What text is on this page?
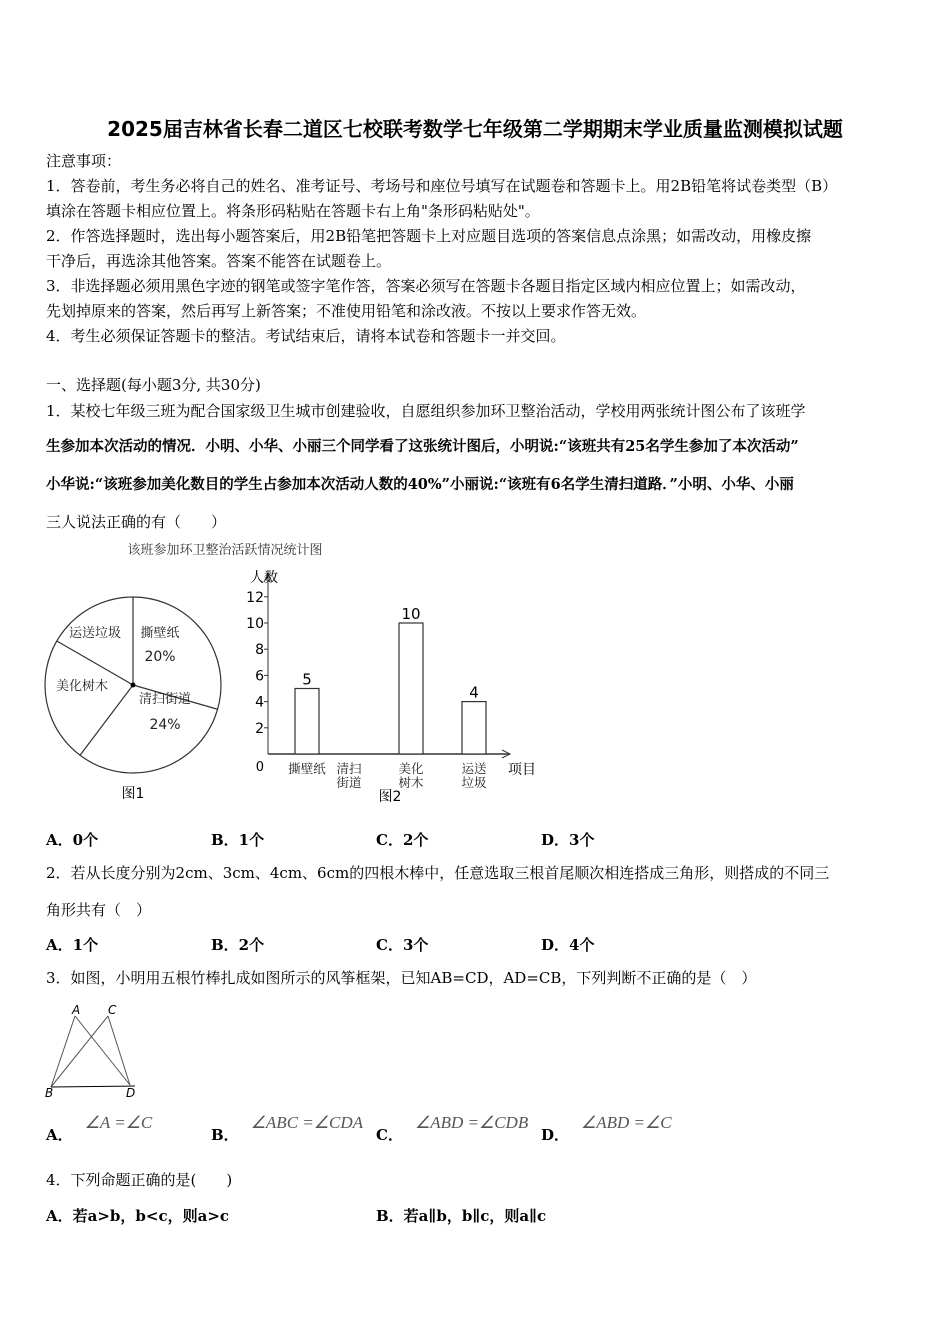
2025届吉林省长春二道区七校联考数学七年级第二学期期末学业质量监测模拟试题
注意事项：
1．答卷前，考生务必将自己的姓名、准考证号、考场号和座位号填写在试题卷和答题卡上。用2B铅笔将试卷类型（B）
填涂在答题卡相应位置上。将条形码粘贴在答题卡右上角"条形码粘贴处"。
2．作答选择题时，选出每小题答案后，用2B铅笔把答题卡上对应题目选项的答案信息点涂黑；如需改动，用橡皮擦
干净后，再选涂其他答案。答案不能答在试题卷上。
3．非选择题必须用黑色字迹的钢笔或签字笔作答，答案必须写在答题卡各题目指定区域内相应位置上；如需改动，
先划掉原来的答案，然后再写上新答案；不准使用铅笔和涂改液。不按以上要求作答无效。
4．考生必须保证答题卡的整洁。考试结束后，请将本试卷和答题卡一并交回。
一、选择题(每小题3分, 共30分)
1．某校七年级三班为配合国家级卫生城市创建验收，自愿组织参加环卫整治活动，学校用两张统计图公布了该班学
生参加本次活动的情况．小明、小华、小丽三个同学看了这张统计图后，小明说:“该班共有25名学生参加了本次活动”
小华说:“该班参加美化数目的学生占参加本次活动人数的40%”小丽说:“该班有6名学生清扫道路．”小明、小华、小丽
三人说法正确的有（　　）
该班参加环卫整治活跃情况统计图
撕壁纸
20%
清扫街道
24%
美化树木
运送垃圾
图1
人数
项目
0
2
4
6
8
10
12
5
撕壁纸 清扫
街道
10
美化
树木
4
运送
垃圾
图2
A．0个	B．1个	C．2个	D．3个
2．若从长度分别为2cm、3cm、4cm、6cm的四根木棒中，任意选取三根首尾顺次相连搭成三角形，则搭成的不同三
角形共有（　）
A．1个	B．2个	C．3个	D．4个
3．如图，小明用五根竹棒扎成如图所示的风筝框架，已知AB=CD，AD=CB，下列判断不正确的是（　）
A C
B	D
A．∠A =∠C
B．∠ABC =∠CDA
C．∠ABD =∠CDB
D．∠ABD =∠C
4．下列命题正确的是(　　)
A．若a>b，b<c，则a>c	B．若a∥b，b∥c，则a∥c
